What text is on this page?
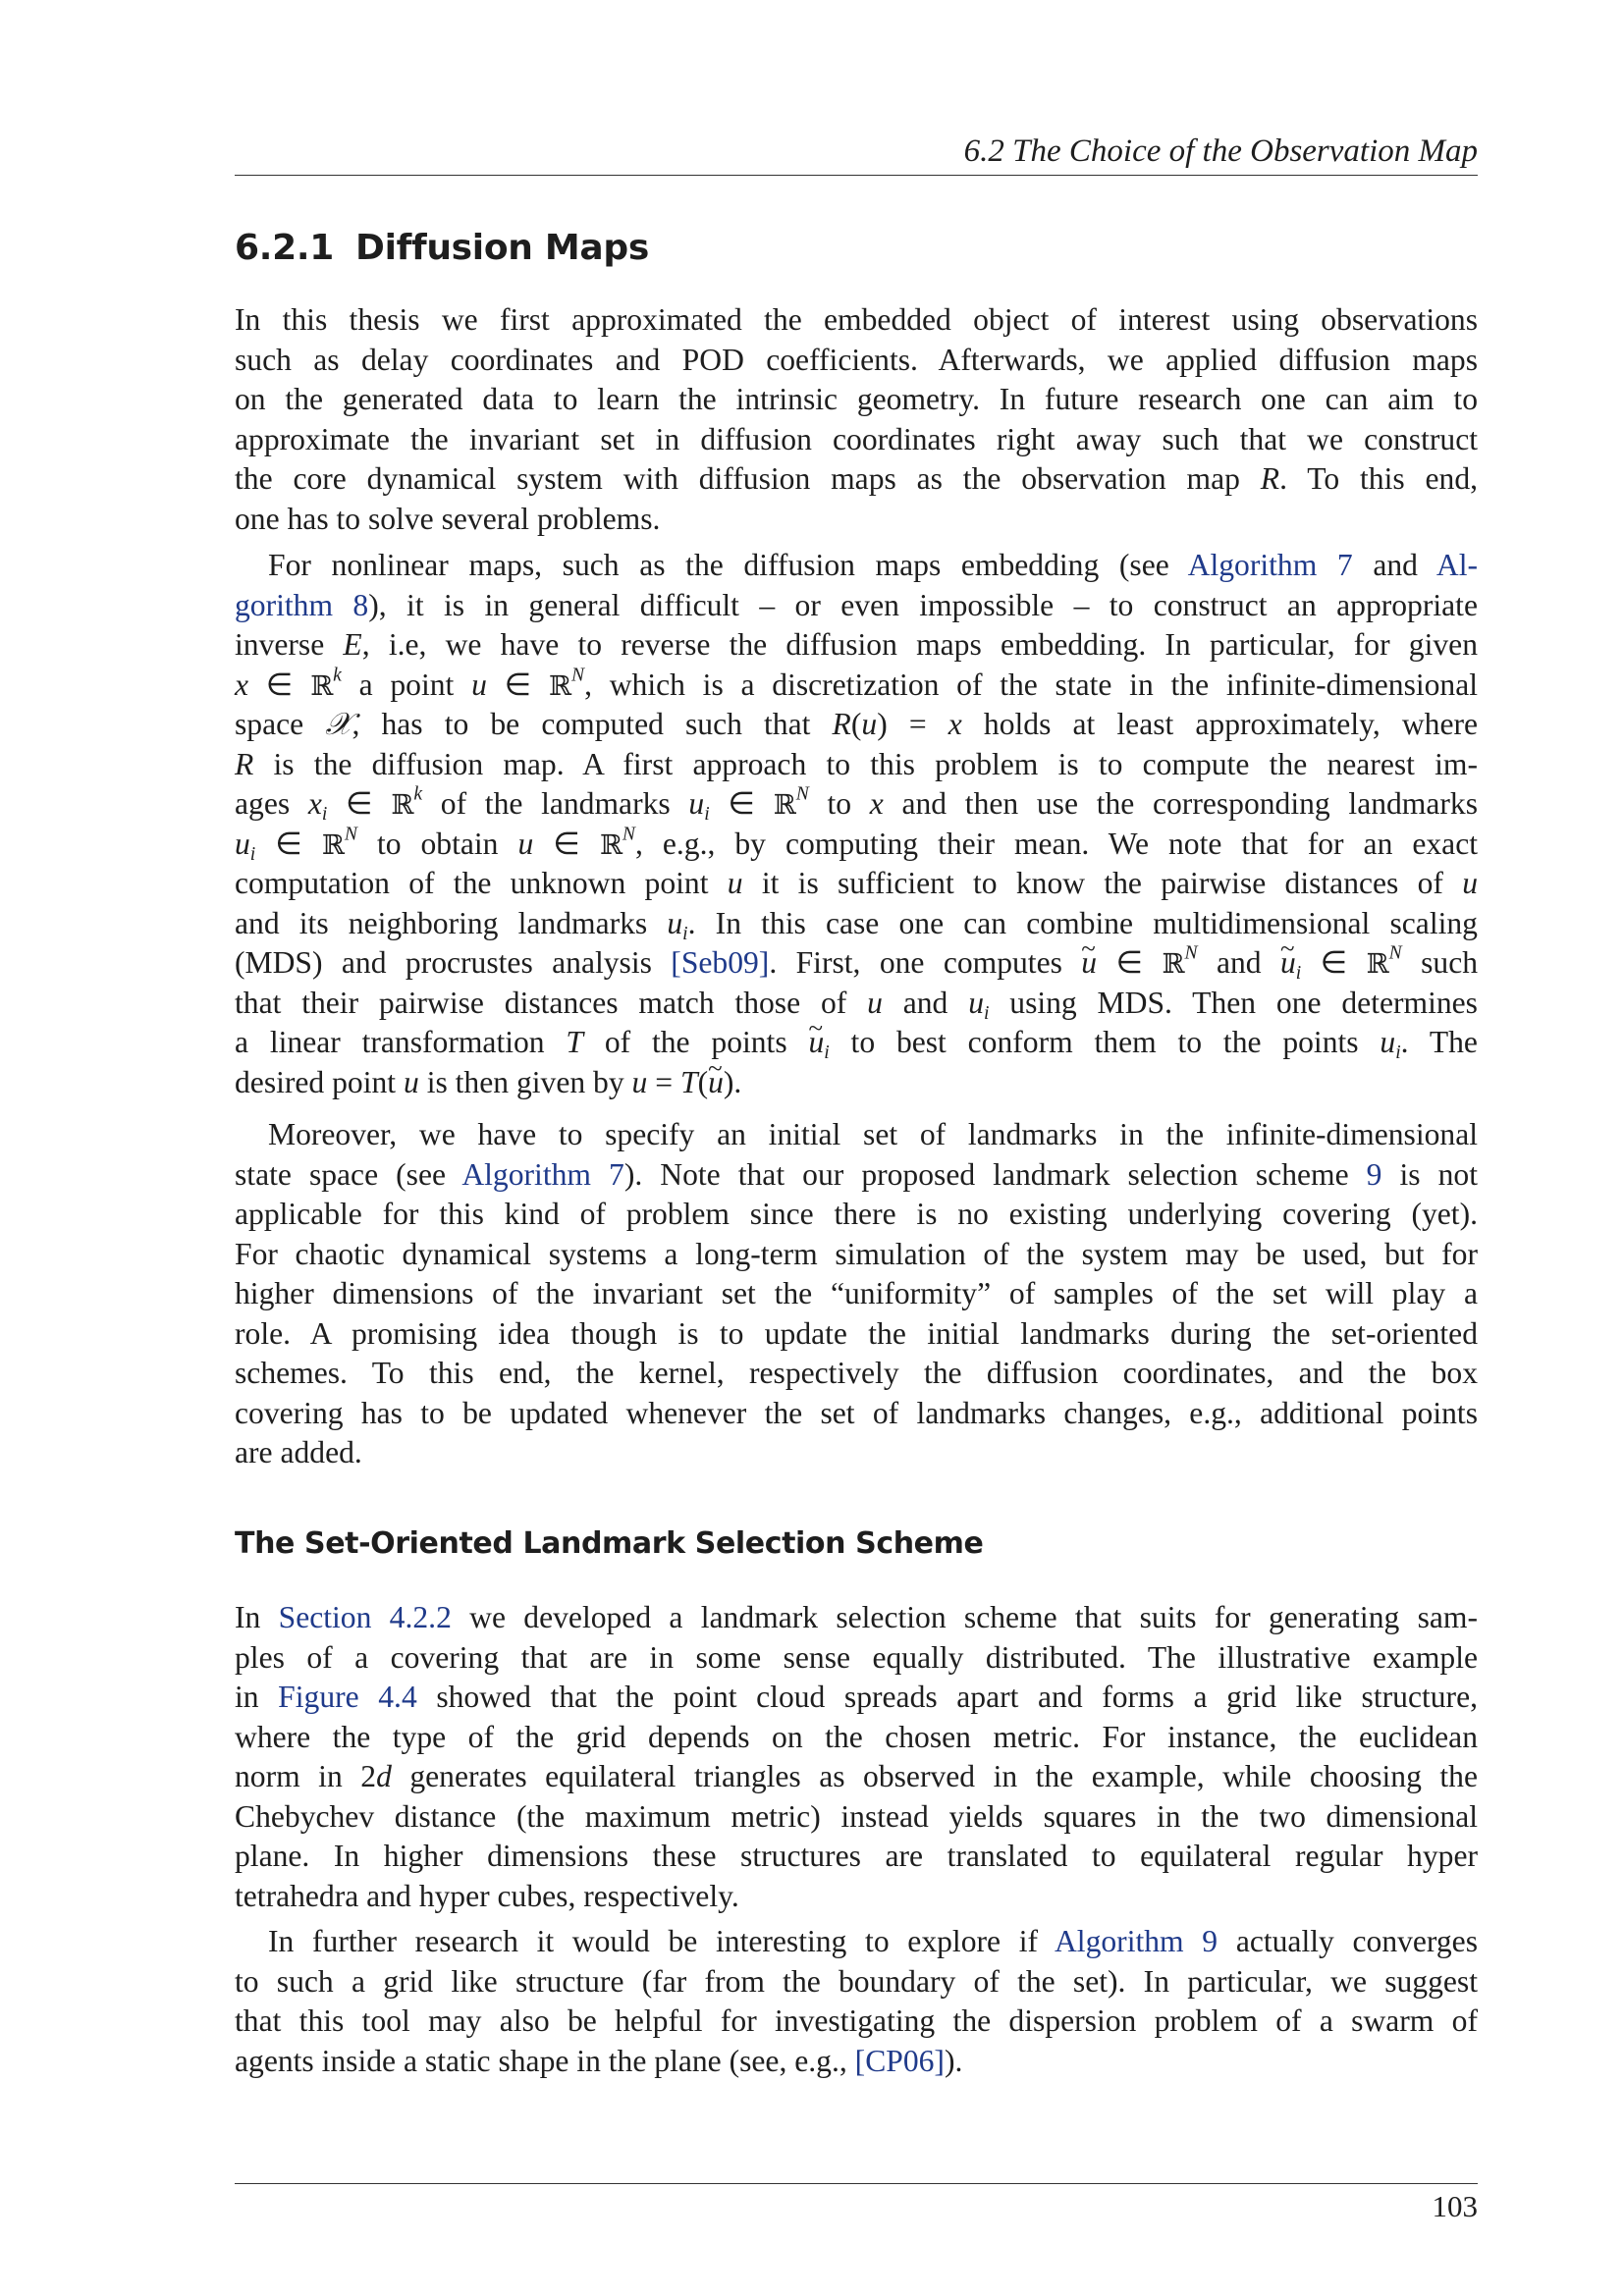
6.2 The Choice of the Observation Map
6.2.1 Diffusion Maps
In this thesis we first approximated the embedded object of interest using observations
such as delay coordinates and POD coefficients. Afterwards, we applied diffusion maps
on the generated data to learn the intrinsic geometry. In future research one can aim to
approximate the invariant set in diffusion coordinates right away such that we construct
the core dynamical system with diffusion maps as the observation map R. To this end,
one has to solve several problems.
For nonlinear maps, such as the diffusion maps embedding (see Algorithm 7 and Al-
gorithm 8), it is in general difficult – or even impossible – to construct an appropriate
inverse E, i.e, we have to reverse the diffusion maps embedding. In particular, for given
x ∈ ℝ$^k$ a point u ∈ ℝ$^N$, which is a discretization of the state in the infinite-dimensional
space 𝒳, has to be computed such that R(u) = x holds at least approximately, where
R is the diffusion map. A first approach to this problem is to compute the nearest im-
ages $x_i$ ∈ ℝ$^k$ of the landmarks $u_i$ ∈ ℝ$^N$ to x and then use the corresponding landmarks
$u_i$ ∈ ℝ$^N$ to obtain u ∈ ℝ$^N$, e.g., by computing their mean. We note that for an exact
computation of the unknown point u it is sufficient to know the pairwise distances of u
and its neighboring landmarks $u_i$. In this case one can combine multidimensional scaling
(MDS) and procrustes analysis [Seb09]. First, one computes u ~ ∈ ℝ$^N$ and u $\sim_i$ ∈ ℝ$^N$ such
that their pairwise distances match those of u and $u_i$ using MDS. Then one determines
a linear transformation T of the points u $\sim_i$ to best conform them to the points $u_i$. The
desired point u is then given by u = T(u ~).
Moreover, we have to specify an initial set of landmarks in the infinite-dimensional
state space (see Algorithm 7). Note that our proposed landmark selection scheme 9 is not
applicable for this kind of problem since there is no existing underlying covering (yet).
For chaotic dynamical systems a long-term simulation of the system may be used, but for
higher dimensions of the invariant set the “uniformity” of samples of the set will play a
role. A promising idea though is to update the initial landmarks during the set-oriented
schemes. To this end, the kernel, respectively the diffusion coordinates, and the box
covering has to be updated whenever the set of landmarks changes, e.g., additional points
are added.
The Set-Oriented Landmark Selection Scheme
In Section 4.2.2 we developed a landmark selection scheme that suits for generating sam-
ples of a covering that are in some sense equally distributed. The illustrative example
in Figure 4.4 showed that the point cloud spreads apart and forms a grid like structure,
where the type of the grid depends on the chosen metric. For instance, the euclidean
norm in 2d generates equilateral triangles as observed in the example, while choosing the
Chebychev distance (the maximum metric) instead yields squares in the two dimensional
plane. In higher dimensions these structures are translated to equilateral regular hyper
tetrahedra and hyper cubes, respectively.
In further research it would be interesting to explore if Algorithm 9 actually converges
to such a grid like structure (far from the boundary of the set). In particular, we suggest
that this tool may also be helpful for investigating the dispersion problem of a swarm of
agents inside a static shape in the plane (see, e.g., [CP06]).
103
